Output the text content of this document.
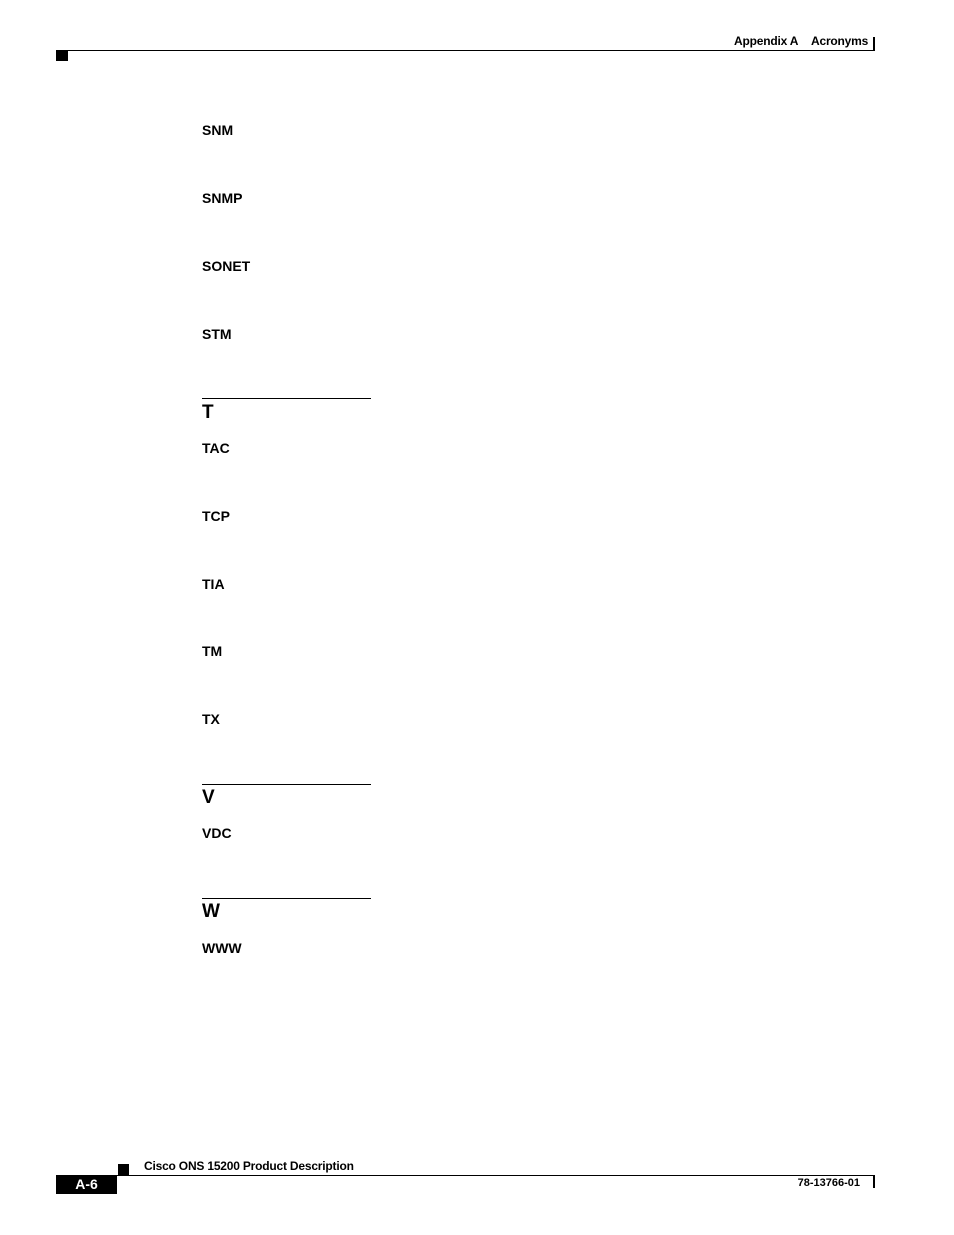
Appendix A Acronyms
SNM
SNMP
SONET
STM
T
TAC
TCP
TIA
TM
TX
V
VDC
W
WWW
Cisco ONS 15200 Product Description
A-6	78-13766-01
